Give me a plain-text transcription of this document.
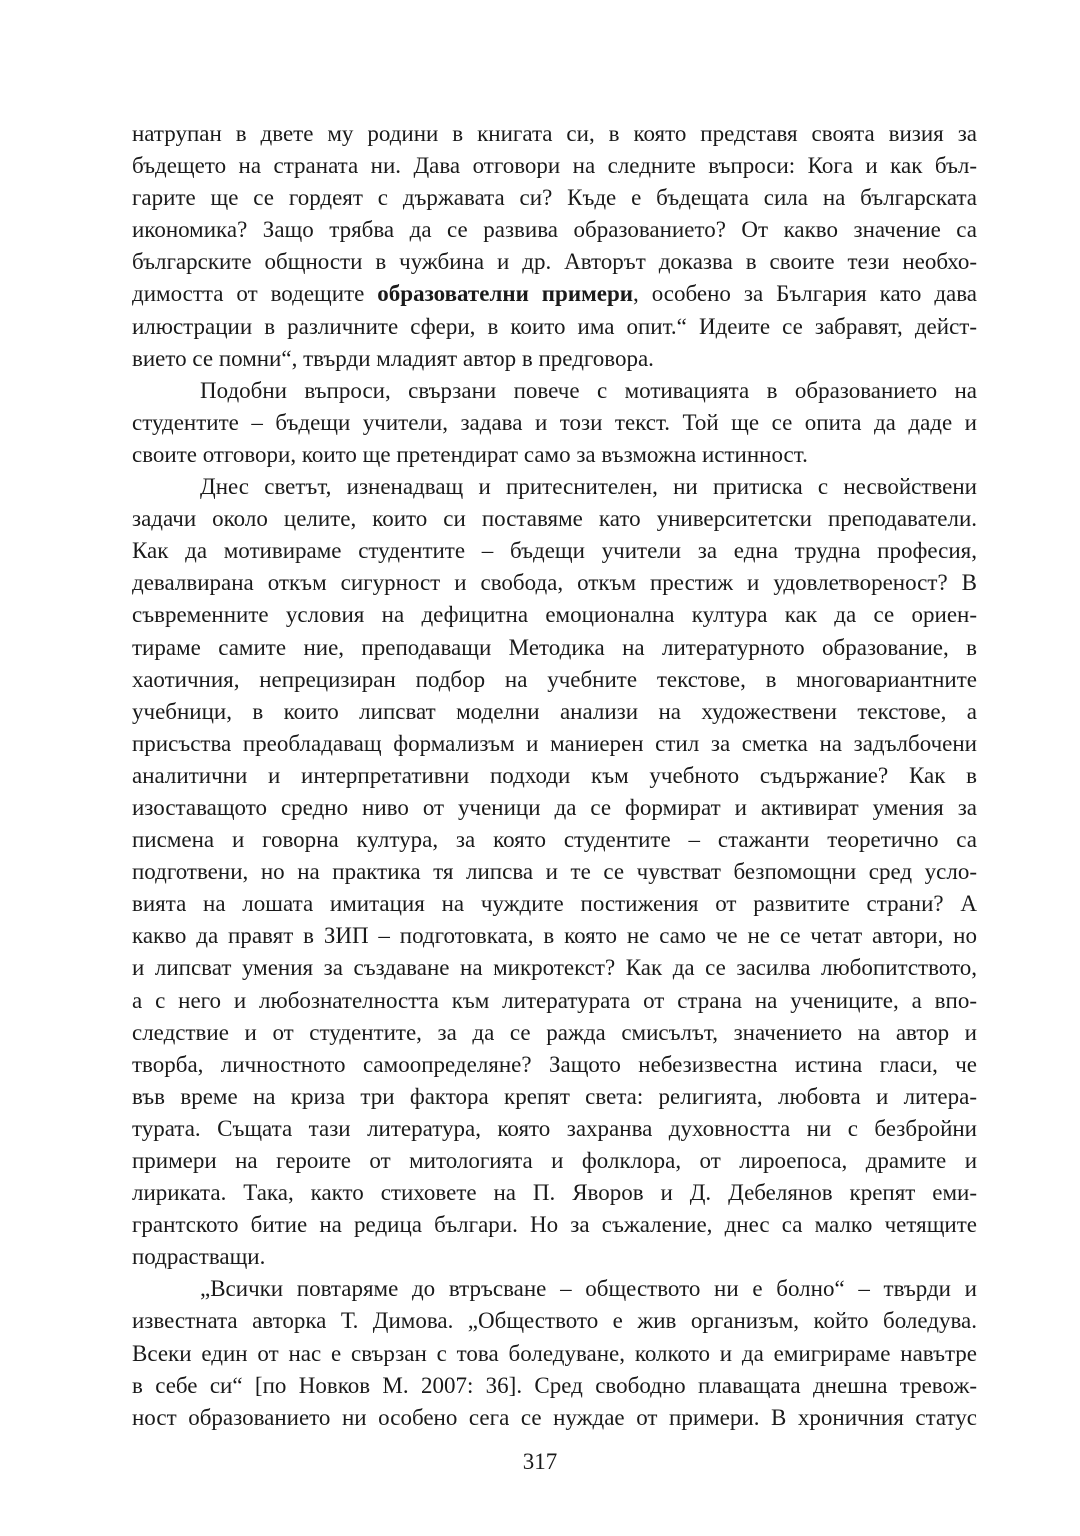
натрупан в двете му родини в книгата си, в която представя своята визия за
бъдещето на страната ни. Дава отговори на следните въпроси: Кога и как бъл-
гарите ще се гордеят с държавата си? Къде е бъдещата сила на българската
икономика? Защо трябва да се развива образованието? От какво значение са
българските общности в чужбина и др. Авторът доказва в своите тези необхо-
димостта от водещите образователни примери, особено за България като дава
илюстрации в различните сфери, в които има опит.“ Идеите се забравят, дейст-
вието се помни“, твърди младият автор в предговора.
Подобни въпроси, свързани повече с мотивацията в образованието на
студентите – бъдещи учители, задава и този текст. Той ще се опита да даде и
своите отговори, които ще претендират само за възможна истинност.
Днес светът, изненадващ и притеснителен, ни притиска с несвойствени
задачи около целите, които си поставяме като университетски преподаватели.
Как да мотивираме студентите – бъдещи учители за една трудна професия,
девалвирана откъм сигурност и свобода, откъм престиж и удовлетвореност? В
съвременните условия на дефицитна емоционална култура как да се ориен-
тираме самите ние, преподаващи Методика на литературното образование, в
хаотичния, непрецизиран подбор на учебните текстове, в многовариантните
учебници, в които липсват моделни анализи на художествени текстове, а
присъства преобладаващ формализъм и маниерен стил за сметка на задълбочени
аналитични и интерпретативни подходи към учебното съдържание? Как в
изоставащото средно ниво от ученици да се формират и активират умения за
писмена и говорна култура, за която студентите – стажанти теоретично са
подготвени, но на практика тя липсва и те се чувстват безпомощни сред усло-
вията на лошата имитация на чуждите постижения от развитите страни? А
какво да правят в ЗИП – подготовката, в която не само че не се четат автори, но
и липсват умения за създаване на микротекст? Как да се засилва любопитството,
а с него и любознателността към литературата от страна на учениците, а впо-
следствие и от студентите, за да се ражда смисълът, значението на автор и
творба, личностното самоопределяне? Защото небезизвестна истина гласи, че
във време на криза три фактора крепят света: религията, любовта и литера-
турата. Същата тази литература, която захранва духовността ни с безбройни
примери на героите от митологията и фолклора, от лироепоса, драмите и
лириката. Така, както стиховете на П. Яворов и Д. Дебелянов крепят еми-
грантското битие на редица българи. Но за съжаление, днес са малко четящите
подрастващи.
„Всички повтаряме до втръсване – обществото ни е болно“ – твърди и
известната авторка Т. Димова. „Обществото е жив организъм, който боледува.
Всеки един от нас е свързан с това боледуване, колкото и да емигрираме навътре
в себе си“ [по Новков М. 2007: 36]. Сред свободно плаващата днешна тревож-
ност образованието ни особено сега се нуждае от примери. В хроничния статус
317
